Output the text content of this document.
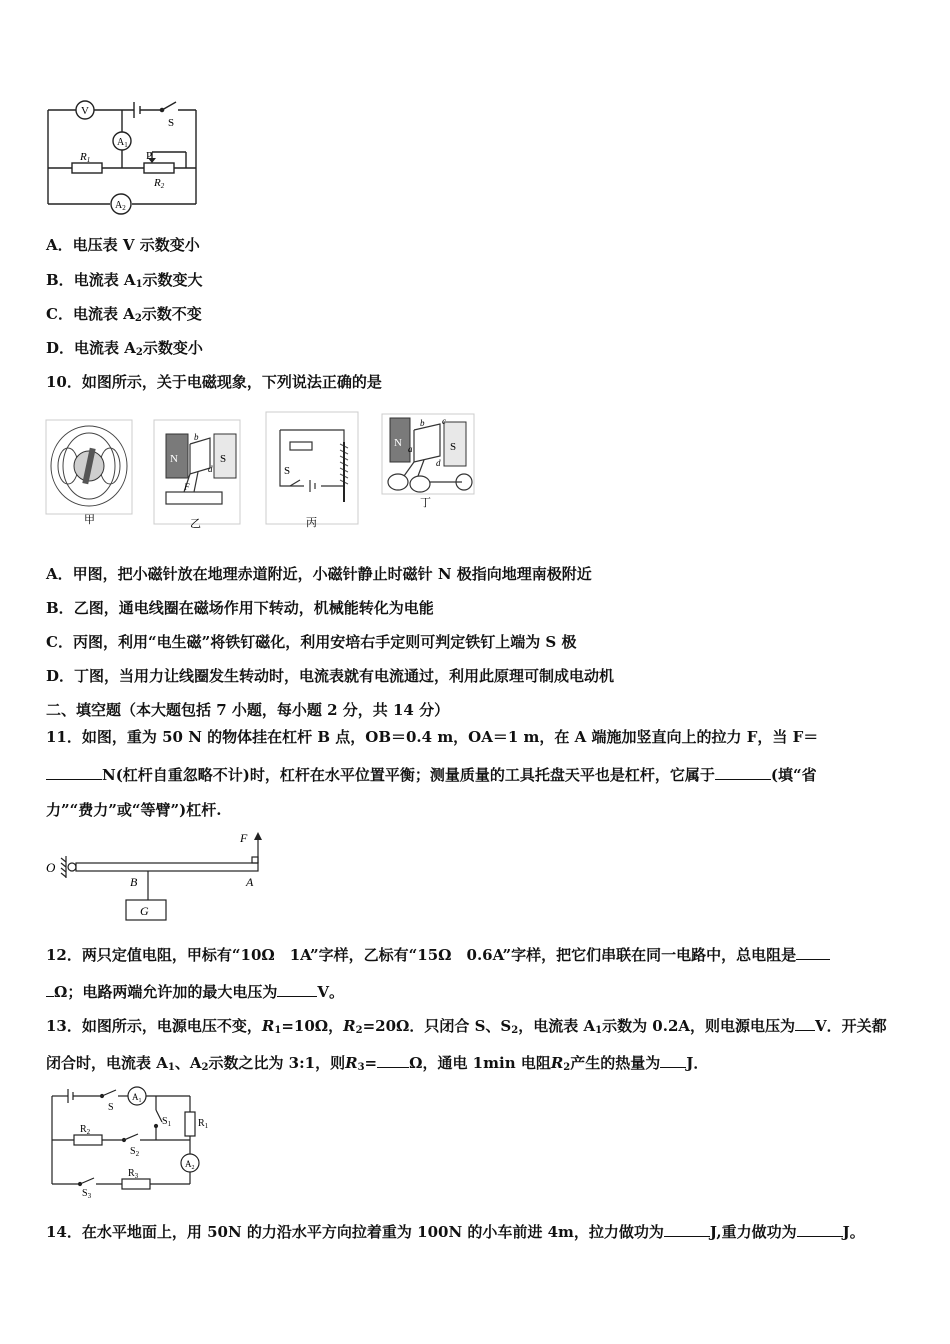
V
$A_1$
$A_2$
S
R1
R2
P
A．电压表 V 示数变小
B．电流表 $A_1$示数变大
C．电流表 $A_2$示数不变
D．电流表 $A_2$示数变小
10．如图所示，关于电磁现象，下列说法正确的是
甲
N	S
b
d
F
乙
S
丙
N	S
b c
a
d
丁
A．甲图，把小磁针放在地理赤道附近，小磁针静止时磁针 N 极指向地理南极附近
B．乙图，通电线圈在磁场作用下转动，机械能转化为电能
C．丙图，利用“电生磁”将铁钉磁化，利用安培右手定则可判定铁钉上端为 S 极
D．丁图，当用力让线圈发生转动时，电流表就有电流通过，利用此原理可制成电动机
二、填空题（本大题包括 7 小题，每小题 2 分，共 14 分）
11．如图，重为 50 N 的物体挂在杠杆 B 点，OB＝0.4 m，OA＝1 m，在 A 端施加竖直向上的拉力 F，当 F＝
N(杠杆自重忽略不计)时，杠杆在水平位置平衡；测量质量的工具托盘天平也是杠杆，它属于	(填“省
力”“费力”或“等臂”)杠杆.
O
B	A
F
G
12．两只定值电阻，甲标有“10Ω　1A”字样，乙标有“15Ω　0.6A”字样，把它们串联在同一电路中，总电阻是
Ω；电路两端允许加的最大电压为	V。
13．如图所示，电源电压不变，$R_1=10\Omega$，$R_2=20\Omega$．只闭合 S、$S_2$，电流表 $A_1$示数为 0.2A，则电源电压为 V．开关都
闭合时，电流表 $A_1$、$A_2$示数之比为 3:1，则$R_3= \Omega$，通电 1min 电阻$R_2$产生的热量为 J．
$A_1$
$A_2$
S
$S_1$
$S_2$
$S_3$
$R_1$
$R_2$
$R_3$
14．在水平地面上，用 50N 的力沿水平方向拉着重为 100N 的小车前进 4m，拉力做功为	J,重力做功为	J。
